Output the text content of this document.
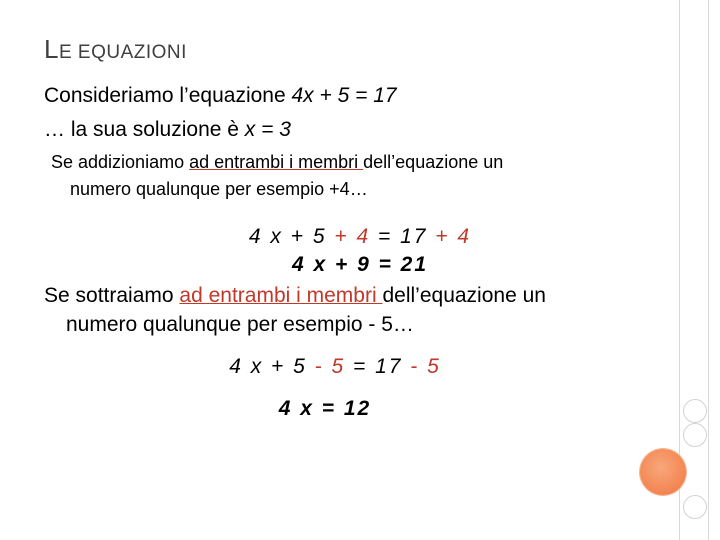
LE EQUAZIONI
Consideriamo l’equazione 4x + 5 = 17
… la sua soluzione è x = 3
Se addizioniamo ad entrambi i membri dell’equazione un
numero qualunque per esempio +4…
4 x + 5 + 4 = 17 + 4
4 x + 9 = 21
Se sottraiamo ad entrambi i membri dell’equazione un
numero qualunque per esempio - 5…
4 x + 5 - 5 = 17 - 5
4 x = 12
